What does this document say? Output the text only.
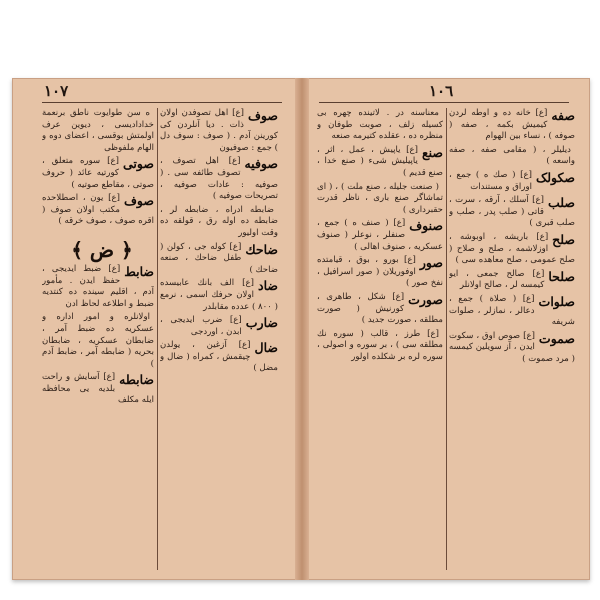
١٠٧

صوف
[ع] اهل تصوفدن اولان ذات . دیا آنلردن کی کورینن آدم . ( صوف : سوف دل ) جمع : صوفیون

صوفیه
[ع] اهل تصوف ، تصوف طائفه سی . ( صوفیه : عادات صوفیه ، تصریحات صوفیه )

ضابطه ادراه ، ضابطه لر ، ضابطه ده اوله رق ، قولقه ده وقت اولیور

ضاحك
[ع] کوله جی ، کولن ( طفل ضاحك ، صنعه ضاحك )

ضاد
[ع] الف بانك عابیسده اولان حرفك اسمی ، نرمع ( ۸۰۰ ) عدده مقابلدر

ضارب
[ع] ضرب ایدیجی ، ابدن ، اوردجی

ضال
[ع] آزغین ، یولدن چیقمش ، کمراه ( ضال و مضل )

ه سن طوایوت ناطق برنعمة خدادادیسی ، دیوین عرف اولمتش بوقسی ، اعضای دوه و الهام ملفوظی

صوتی
[ع] سوره متعلق ، کورتیه عائد ( حروف صوتی ، مقاطع صوتیه )

صوف
[ع] یون ، اصطلاحده مکتب اولان صوف ( اقره صوف ، صوف خرقه )

ضابط
[ع] ضبط ایدیجی ، حفظ ایدن . مأمور آدم ، اقلیم سینده ده کنتدیه ضبط و اطلاعه لحاظ ادن

اولانلره و امور اداره و عسکریه ده ضبط آمر ، ضابطان عسکریه ، ضابطان بحریه ( ضابطه آمر ، ضابط آدم )

ضابطه
[ع] آسایش و راحت بلدیه یی محافظه ایله مکلف

﴿ ض ﴾
١٠٦

صفه
[ع] خانه ده و اوطه لردن کیمیش بکمه ، صفه ( صوفه ) ، نساء بین الهوام

دیلیلر ، ( مقامی صفه ، صفه واسعه )

صکولک
[ع] ( صك ه ) جمع ، اوراق و مستندات

صلب
[ع] آسلك ، آرقه ، سرت ، قاتی ( صلب پدر ، صلب و صلب قبری )

صلح
[ع] باریشه ، اوبوشه ، اوزلاشمه ، صلح و صلاح ( صلح عمومی ، صلح معاهده سی )

صلحا
[ع] صالح جمعی ، ایو کیمسه لر ، صالح اولانلر

صلوات
[ع] ( صلاة ) جمع ، دعالر ، نمازلر ، صلوات شریفه

صموت
[ع] صوص اوق ، سکوت ایدن ، آز سویلین کیمسه ( مرد صموت )

معناسنه در . لاتینده چهره بی کسیله زلف ، صوبت طوفان و منظره ده ، عقلده کتیرمه صنعه

صنع
[ع] یاپیش ، عمل ، اثر ، یاپیلیش شیء ( صنع خدا ، صنع قدیم )

( صنعت جلیله ، صنع ملت ) ، ( ای تماشاگر صنع باری ، ناظر قدرت حقبرداری )

صنوف
[ع] ( صنف ه ) جمع ، صنفلر ، نوعلر ( صنوف عسکریه ، صنوف اهالی )

صور
[ع] بورو ، بوق ، قیامتده اوفوریلان ( صور اسرافیل ، نفخ صور )

صورت
[ع] شکل ، طاهری ، کورنیش ( صورت مطلقه ، صورت جدید )

[ع] طرز ، قالب ( سوره نك مطلقه سی ) ، بر سوره و اصولی ، سوره لره بر شکلده اولور
